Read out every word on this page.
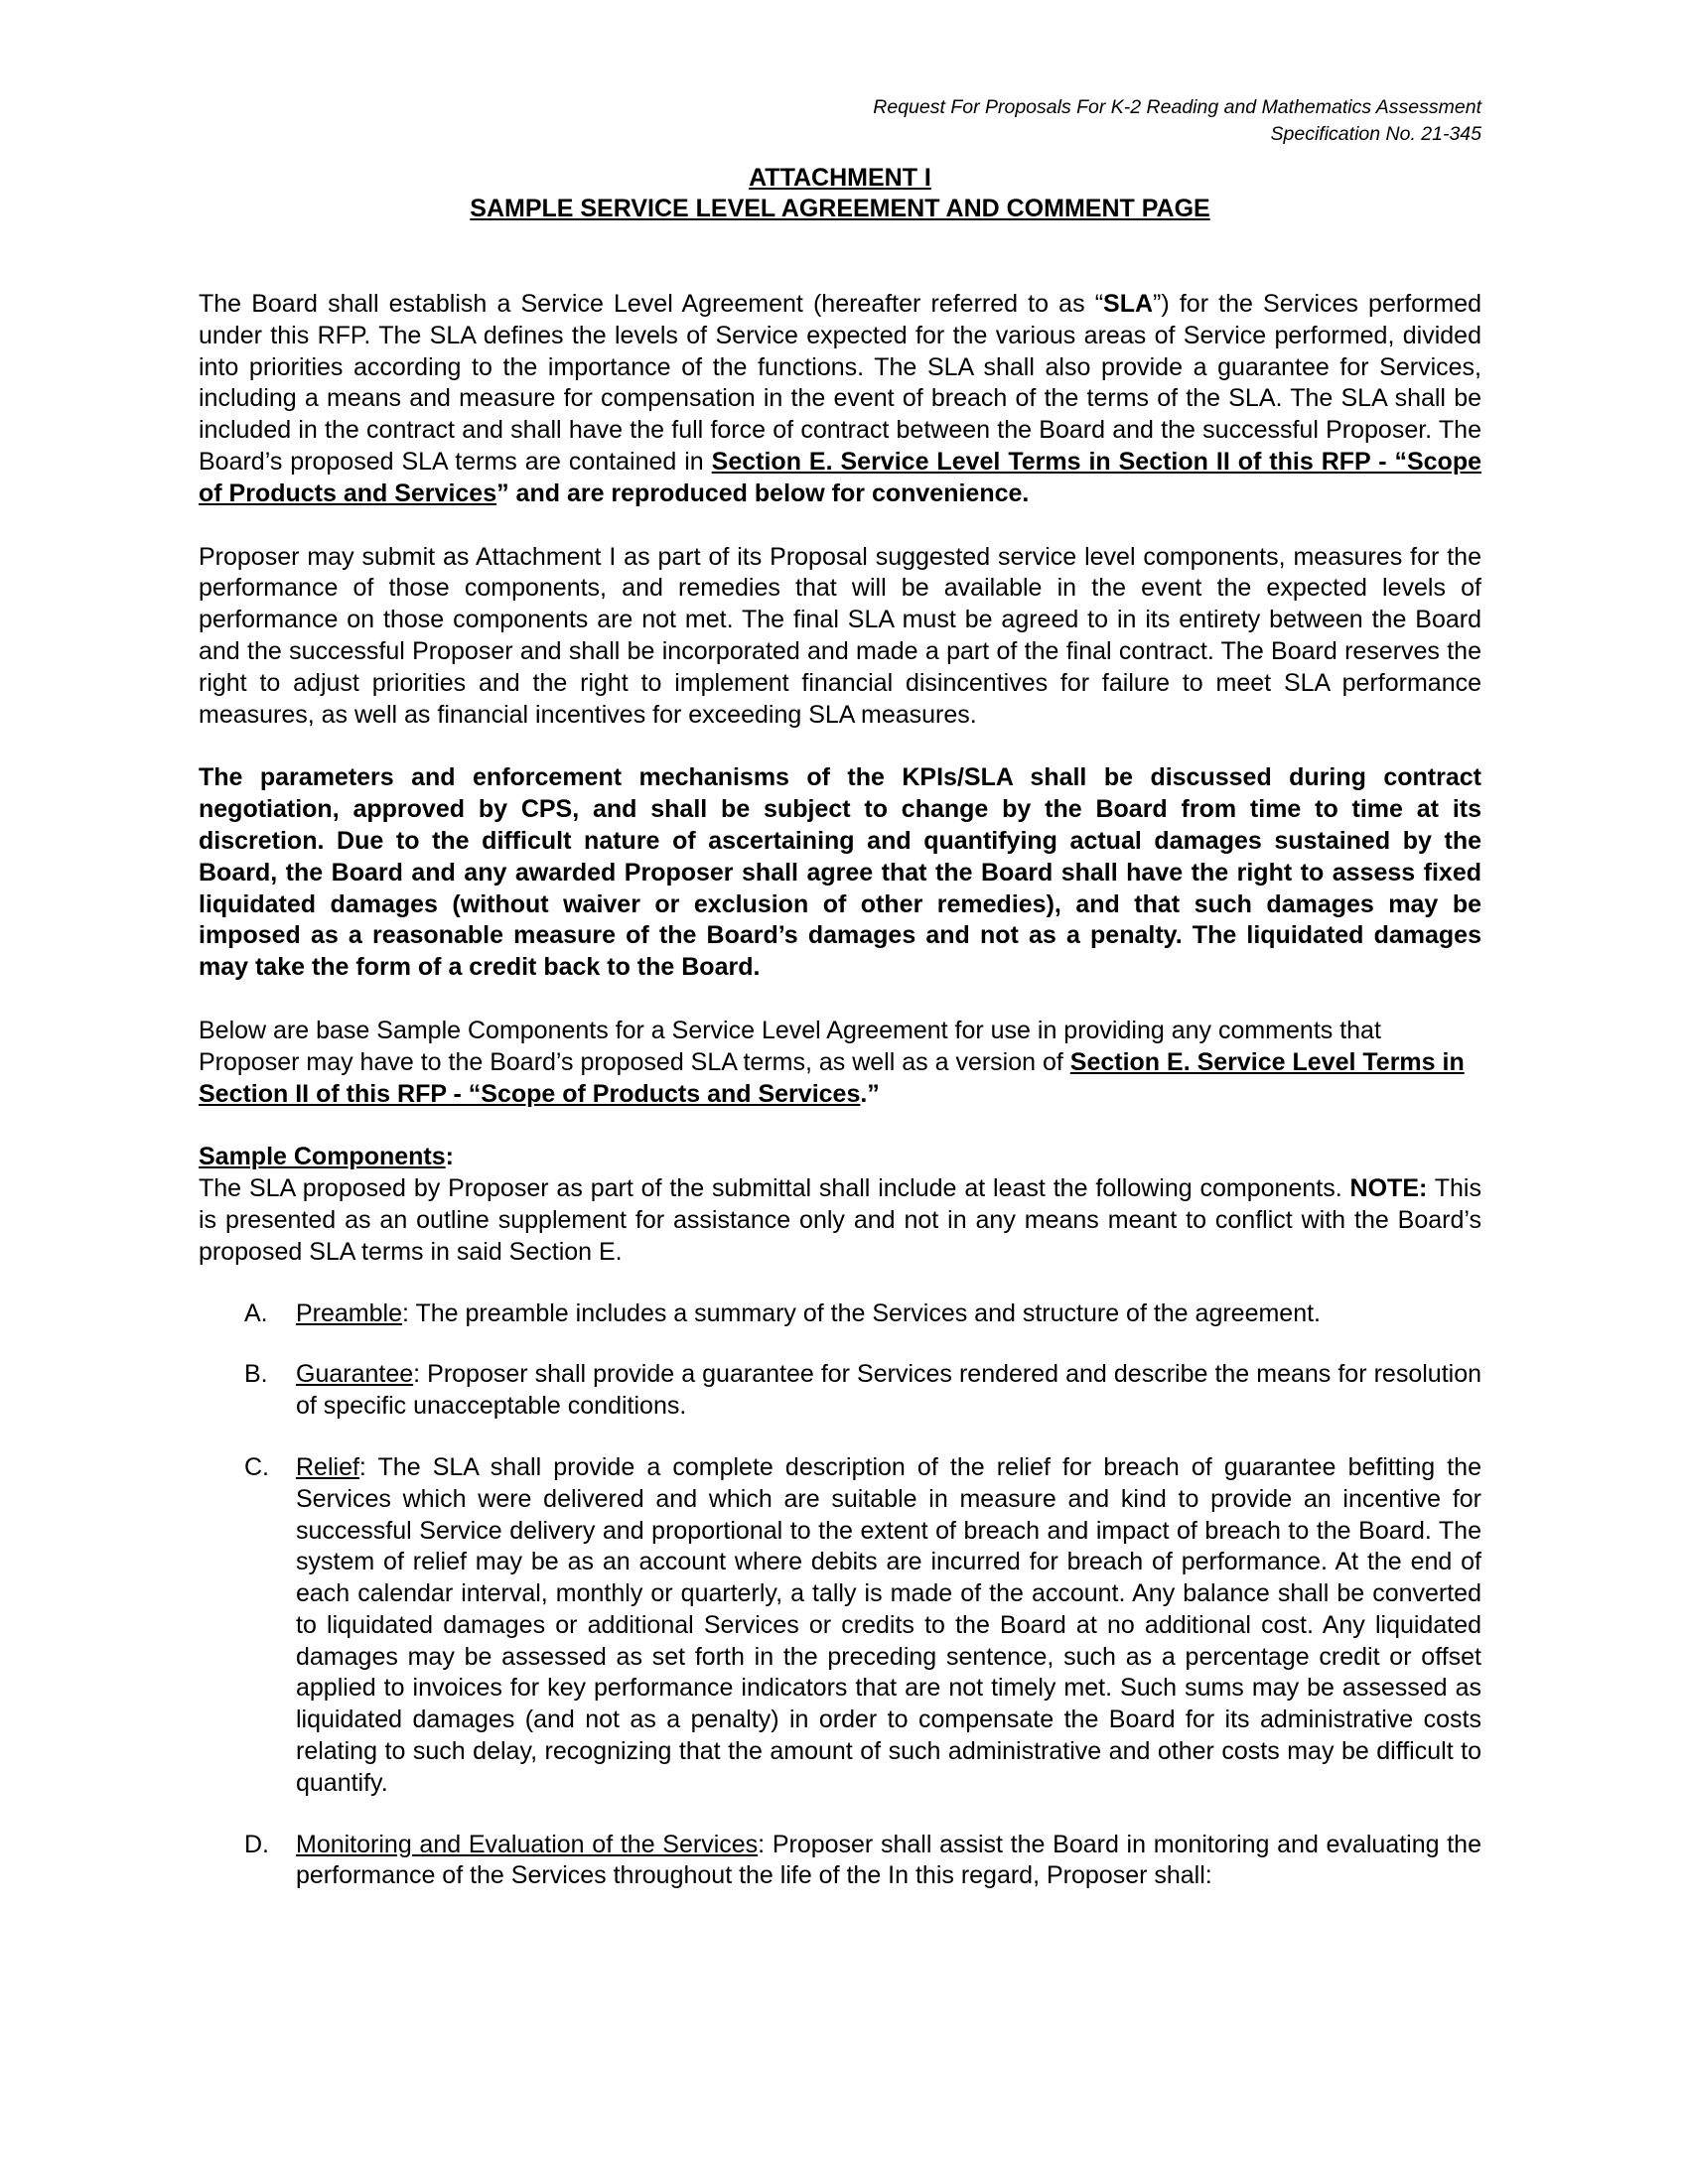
Request For Proposals For K-2 Reading and Mathematics Assessment
Specification No. 21-345
ATTACHMENT I
SAMPLE SERVICE LEVEL AGREEMENT AND COMMENT PAGE

The Board shall establish a Service Level Agreement (hereafter referred to as “SLA”) for the Services performed under this RFP. The SLA defines the levels of Service expected for the various areas of Service performed, divided into priorities according to the importance of the functions. The SLA shall also provide a guarantee for Services, including a means and measure for compensation in the event of breach of the terms of the SLA. The SLA shall be included in the contract and shall have the full force of contract between the Board and the successful Proposer. The Board’s proposed SLA terms are contained in Section E. Service Level Terms in Section II of this RFP - “Scope of Products and Services” and are reproduced below for convenience.

Proposer may submit as Attachment I as part of its Proposal suggested service level components, measures for the performance of those components, and remedies that will be available in the event the expected levels of performance on those components are not met. The final SLA must be agreed to in its entirety between the Board and the successful Proposer and shall be incorporated and made a part of the final contract. The Board reserves the right to adjust priorities and the right to implement financial disincentives for failure to meet SLA performance measures, as well as financial incentives for exceeding SLA measures.

The parameters and enforcement mechanisms of the KPIs/SLA shall be discussed during contract negotiation, approved by CPS, and shall be subject to change by the Board from time to time at its discretion. Due to the difficult nature of ascertaining and quantifying actual damages sustained by the Board, the Board and any awarded Proposer shall agree that the Board shall have the right to assess fixed liquidated damages (without waiver or exclusion of other remedies), and that such damages may be imposed as a reasonable measure of the Board’s damages and not as a penalty. The liquidated damages may take the form of a credit back to the Board.

Below are base Sample Components for a Service Level Agreement for use in providing any comments that Proposer may have to the Board’s proposed SLA terms, as well as a version of Section E. Service Level Terms in Section II of this RFP - “Scope of Products and Services.”

Sample Components:

The SLA proposed by Proposer as part of the submittal shall include at least the following components. NOTE: This is presented as an outline supplement for assistance only and not in any means meant to conflict with the Board’s proposed SLA terms in said Section E.

A.	Preamble: The preamble includes a summary of the Services and structure of the agreement.

B.	Guarantee: Proposer shall provide a guarantee for Services rendered and describe the means for resolution of specific unacceptable conditions.

C.	Relief: The SLA shall provide a complete description of the relief for breach of guarantee befitting the Services which were delivered and which are suitable in measure and kind to provide an incentive for successful Service delivery and proportional to the extent of breach and impact of breach to the Board. The system of relief may be as an account where debits are incurred for breach of performance. At the end of each calendar interval, monthly or quarterly, a tally is made of the account. Any balance shall be converted to liquidated damages or additional Services or credits to the Board at no additional cost. Any liquidated damages may be assessed as set forth in the preceding sentence, such as a percentage credit or offset applied to invoices for key performance indicators that are not timely met. Such sums may be assessed as liquidated damages (and not as a penalty) in order to compensate the Board for its administrative costs relating to such delay, recognizing that the amount of such administrative and other costs may be difficult to quantify.

D.	Monitoring and Evaluation of the Services: Proposer shall assist the Board in monitoring and evaluating the performance of the Services throughout the life of the In this regard, Proposer shall:
